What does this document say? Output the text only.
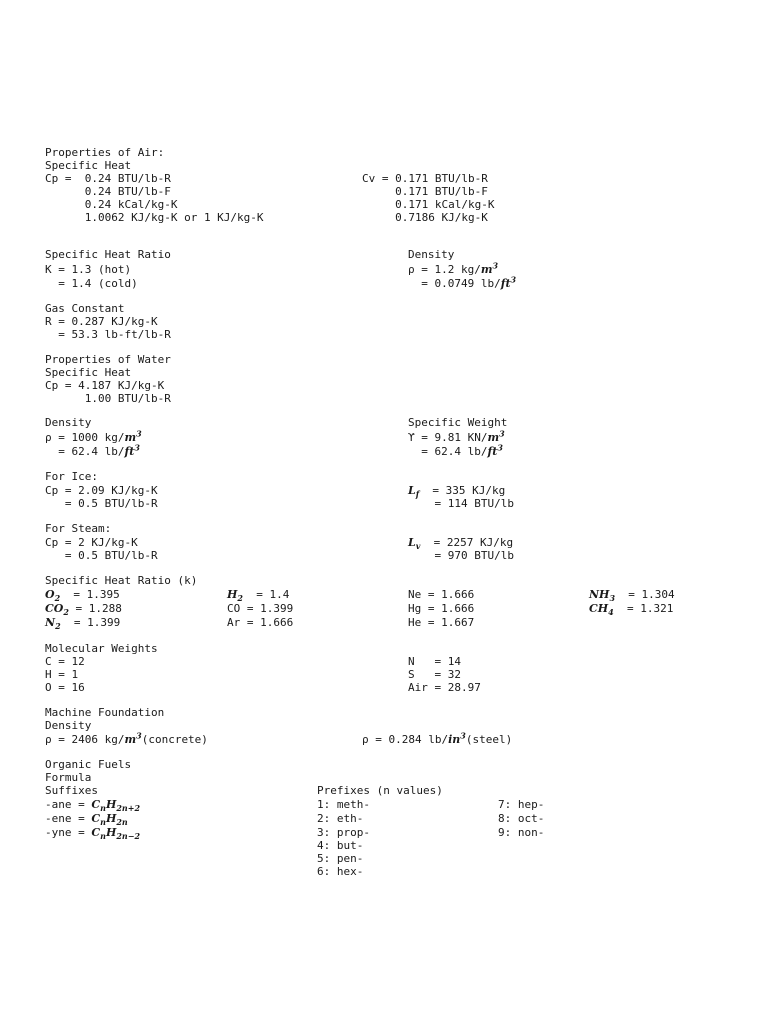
Properties of Air:
Specific Heat
Cp =  0.24 BTU/lb-R
0.24 BTU/lb-F
0.24 kCal/kg-K
1.0062 KJ/kg-K or 1 KJ/kg-K
Cv = 0.171 BTU/lb-R
0.171 BTU/lb-F
0.171 kCal/kg-K
0.7186 KJ/kg-K
Specific Heat Ratio
K = 1.3 (hot)
= 1.4 (cold)
Density
ρ = 1.2 $kg/m^3$
= 0.0749 $lb/ft^3$
Gas Constant
R = 0.287 KJ/kg-K
= 53.3 lb-ft/lb-R
Properties of Water
Specific Heat
Cp = 4.187 KJ/kg-K
1.00 BTU/lb-R
Density
ρ = 1000 $kg/m^3$
= 62.4 $lb/ft^3$
Specific Weight
ϒ = 9.81 $KN/m^3$
= 62.4 $lb/ft^3$
For Ice:
Cp = 2.09 KJ/kg-K
= 0.5 BTU/lb-R
$L_f = 335$ KJ/kg
= 114 BTU/lb
For Steam:
Cp = 2 KJ/kg-K
= 0.5 BTU/lb-R
$L_v = 2257$ KJ/kg
= 970 BTU/lb
Specific Heat Ratio (k)
$O_2 = 1.395$
$CO_2 = 1.288$
$N_2 = 1.399$
$H_2 = 1.4$
CO = 1.399
Ar = 1.666
Ne = 1.666
Hg = 1.666
He = 1.667
$NH_3 = 1.304$
$CH_4 = 1.321$
Molecular Weights
C = 12
H = 1
O = 16
N   = 14
S   = 32
Air = 28.97
Machine Foundation
Density
ρ = 2406 $kg/m^3(concrete)$	ρ = 0.284 $lb/in^3(steel)$
Organic Fuels
Formula
Suffixes
$-ane = C_nH_{2n+2}$
$-ene = C_nH_{2n}$
$-yne = C_nH_{2n-2}$
Prefixes (n values)
1: meth-
2: eth-
3: prop-
4: but-
5: pen-
6: hex-
7: hep-
8: oct-
9: non-
